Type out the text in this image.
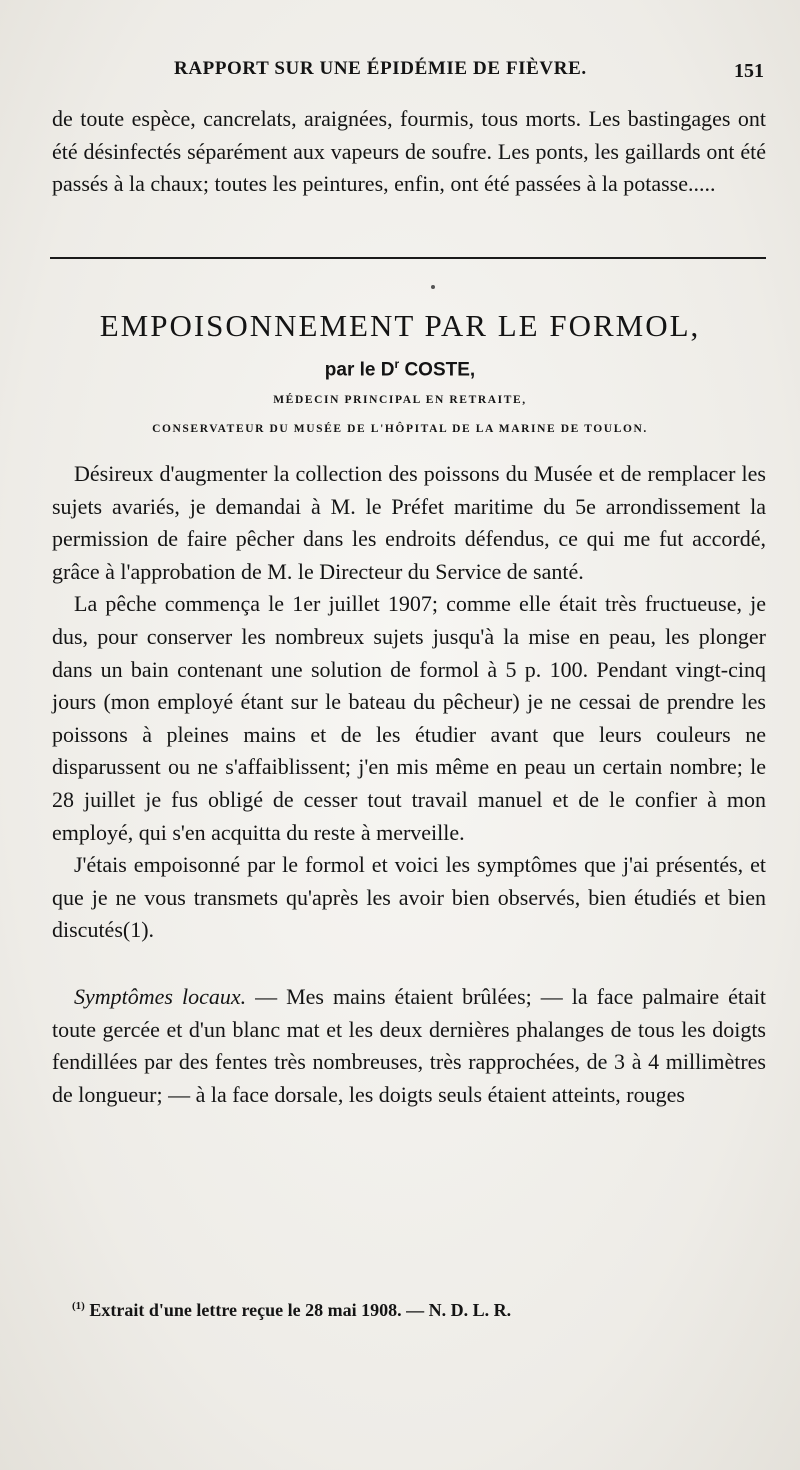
RAPPORT SUR UNE ÉPIDÉMIE DE FIÈVRE.	151

de toute espèce, cancrelats, araignées, fourmis, tous morts. Les bastingages ont été désinfectés séparément aux vapeurs de soufre. Les ponts, les gaillards ont été passés à la chaux; toutes les peintures, enfin, ont été passées à la potasse.....

EMPOISONNEMENT PAR LE FORMOL,
par le $D^r$ COSTE,
MÉDECIN PRINCIPAL EN RETRAITE,
CONSERVATEUR DU MUSÉE DE L'HÔPITAL DE LA MARINE DE TOULON.

Désireux d'augmenter la collection des poissons du Musée et de remplacer les sujets avariés, je demandai à M. le Préfet maritime du 5e arrondissement la permission de faire pêcher dans les endroits défendus, ce qui me fut accordé, grâce à l'approbation de M. le Directeur du Service de santé.

La pêche commença le 1er juillet 1907; comme elle était très fructueuse, je dus, pour conserver les nombreux sujets jusqu'à la mise en peau, les plonger dans un bain contenant une solution de formol à 5 p. 100. Pendant vingt-cinq jours (mon employé étant sur le bateau du pêcheur) je ne cessai de prendre les poissons à pleines mains et de les étudier avant que leurs couleurs ne disparussent ou ne s'affaiblissent; j'en mis même en peau un certain nombre; le 28 juillet je fus obligé de cesser tout travail manuel et de le confier à mon employé, qui s'en acquitta du reste à merveille.

J'étais empoisonné par le formol et voici les symptômes que j'ai présentés, et que je ne vous transmets qu'après les avoir bien observés, bien étudiés et bien discutés(1).

Symptômes locaux. — Mes mains étaient brûlées; — la face palmaire était toute gercée et d'un blanc mat et les deux dernières phalanges de tous les doigts fendillées par des fentes très nombreuses, très rapprochées, de 3 à 4 millimètres de longueur; — à la face dorsale, les doigts seuls étaient atteints, rouges

$^{(1)}$ Extrait d'une lettre reçue le 28 mai 1908. — N. D. L. R.
